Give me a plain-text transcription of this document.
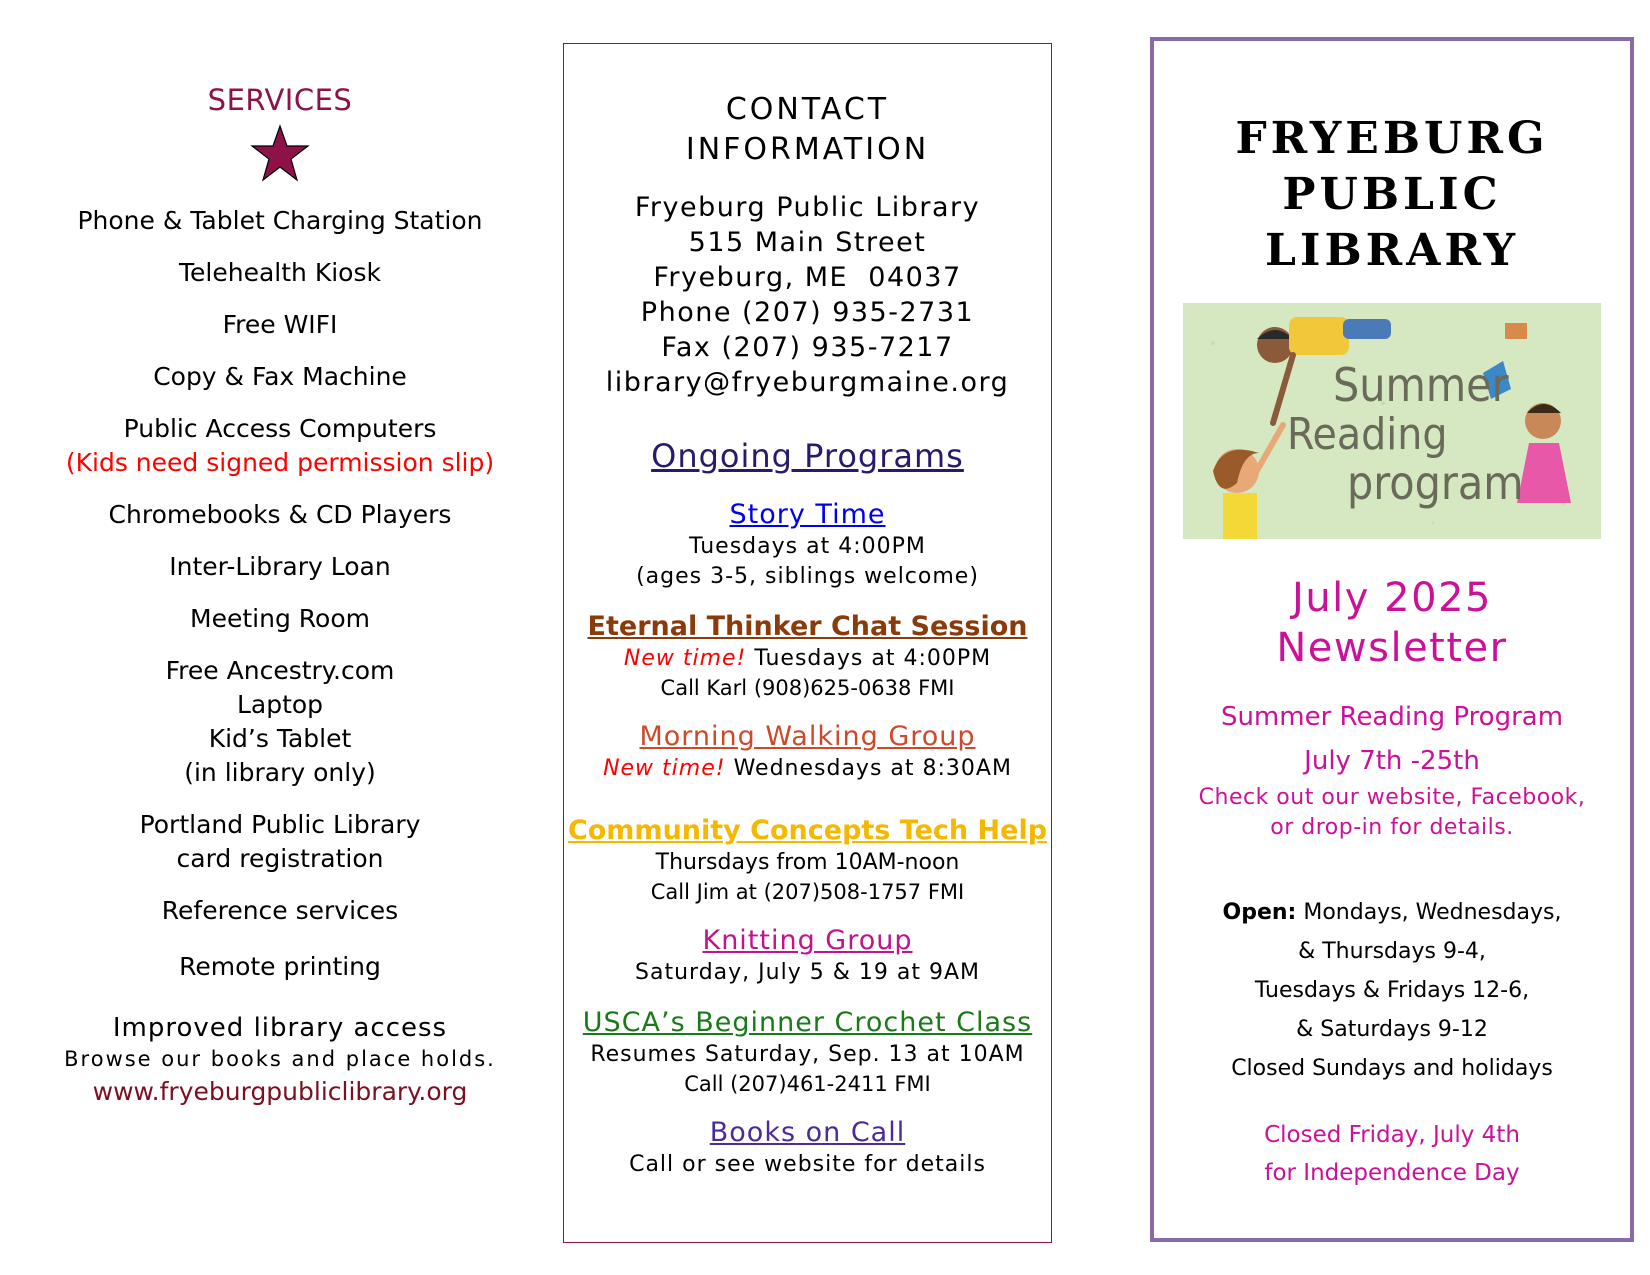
SERVICES
Phone & Tablet Charging Station
Telehealth Kiosk
Free WIFI
Copy & Fax Machine
Public Access Computers
(Kids need signed permission slip)
Chromebooks & CD Players
Inter-Library Loan
Meeting Room
Free Ancestry.com
Laptop
Kid’s Tablet
(in library only)
Portland Public Library
card registration
Reference services
Remote printing
Improved library access
Browse our books and place holds.
www.fryeburgpubliclibrary.org
CONTACT
INFORMATION
Fryeburg Public Library
515 Main Street
Fryeburg, ME  04037
Phone (207) 935-2731
Fax (207) 935-7217
library@fryeburgmaine.org
Ongoing Programs
Story Time
Tuesdays at 4:00PM
(ages 3-5, siblings welcome)
Eternal Thinker Chat Session
New time! Tuesdays at 4:00PM
Call Karl (908)625-0638 FMI
Morning Walking Group
New time! Wednesdays at 8:30AM
Community Concepts Tech Help
Thursdays from 10AM-noon
Call Jim at (207)508-1757 FMI
Knitting Group
Saturday, July 5 & 19 at 9AM
USCA’s Beginner Crochet Class
Resumes Saturday, Sep. 13 at 10AM
Call (207)461-2411 FMI
Books on Call
Call or see website for details
FRYEBURG
PUBLIC
LIBRARY
Summer
Reading
program
July 2025
Newsletter
Summer Reading Program
July 7th -25th
Check out our website, Facebook,
or drop-in for details.
Open: Mondays, Wednesdays,
& Thursdays 9-4,
Tuesdays & Fridays 12-6,
& Saturdays 9-12
Closed Sundays and holidays
Closed Friday, July 4th
for Independence Day
